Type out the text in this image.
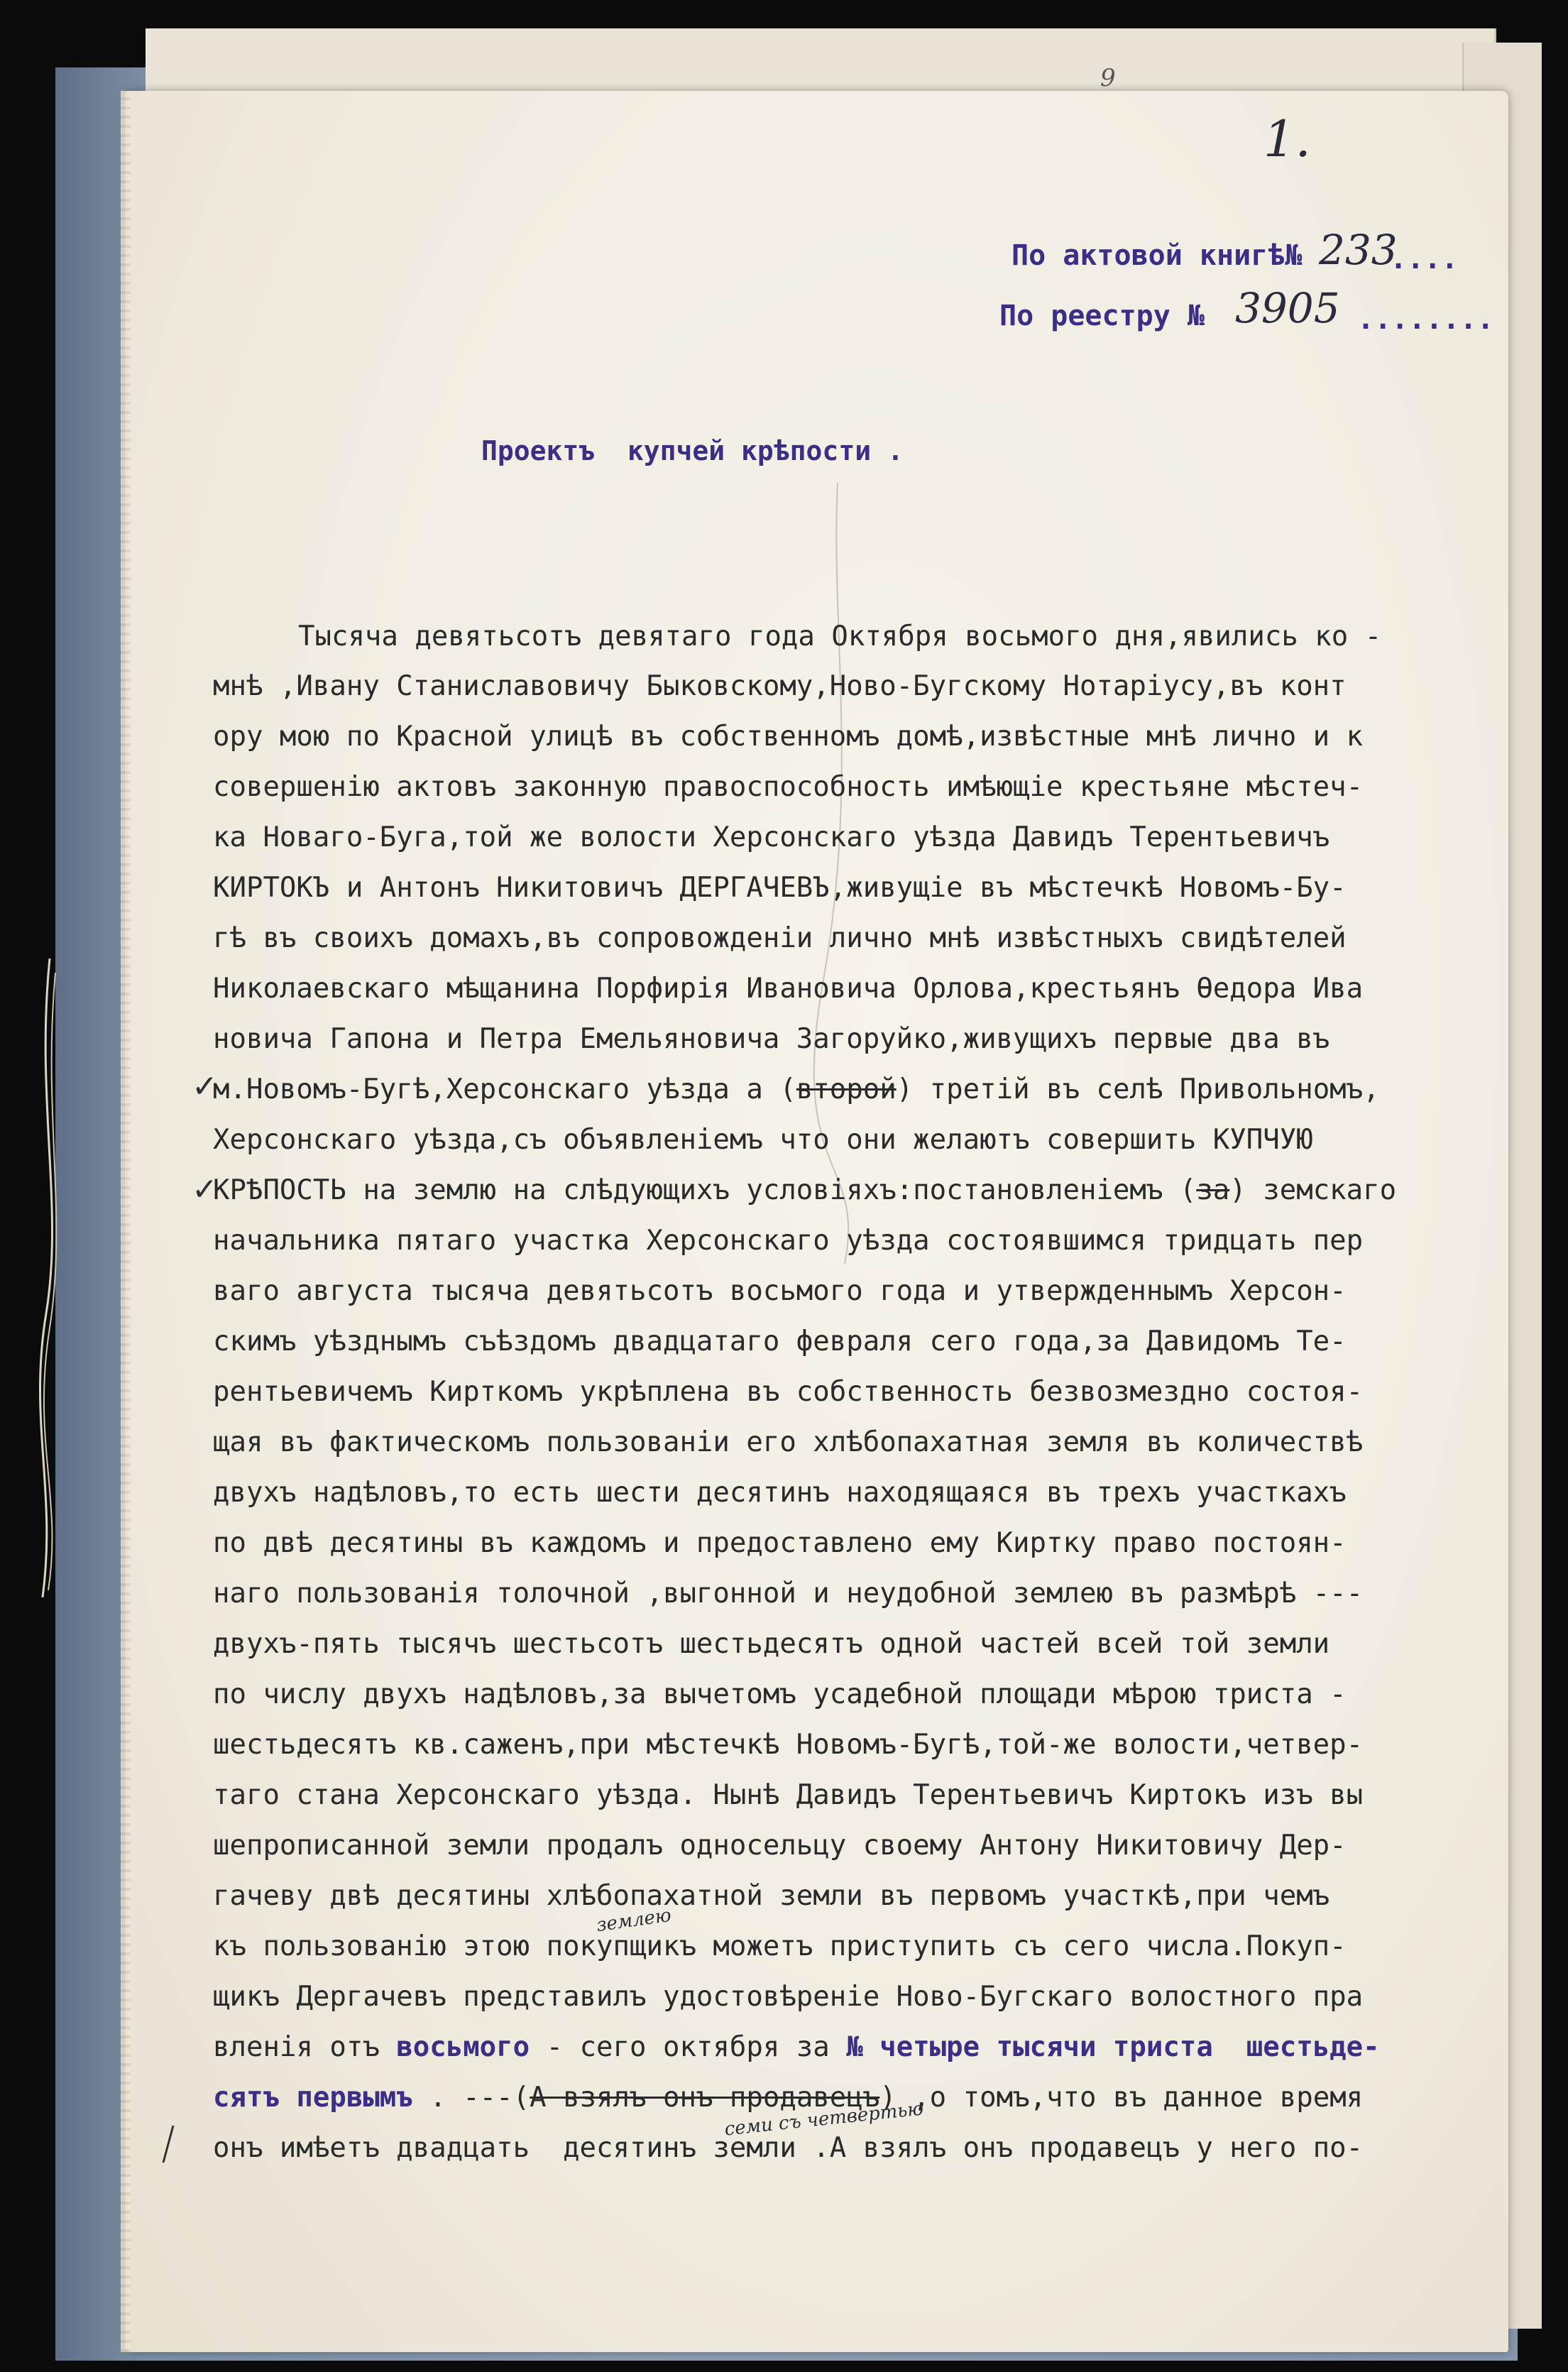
9
1.
По актовой книгѣ№ 233
....
По реестру № 3905 ........
Проектъ  купчей крѣпости .
Тысяча девятьсотъ девятаго года Октября восьмого дня,явились ко -
мнѣ ,Ивану Станиславовичу Быковскому,Ново-Бугскому Нотаріусу,въ конт
ору мою по Красной улицѣ въ собственномъ домѣ,извѣстные мнѣ лично и к
совершенію актовъ законную правоспособность имѣющіе крестьяне мѣстеч-
ка Новаго-Буга,той же волости Херсонскаго уѣзда Давидъ Терентьевичъ
КИРТОКЪ и Антонъ Никитовичъ ДЕРГАЧЕВЪ,живущіе въ мѣстечкѣ Новомъ-Бу-
гѣ въ своихъ домахъ,въ сопровожденіи лично мнѣ извѣстныхъ свидѣтелей
Николаевскаго мѣщанина Порфирія Ивановича Орлова,крестьянъ Ѳедора Ива
новича Гапона и Петра Емельяновича Загоруйко,живущихъ первые два въ
м.Новомъ-Бугѣ,Херсонскаго уѣзда а (второй) третій въ селѣ Привольномъ,
Херсонскаго уѣзда,съ объявленіемъ что они желаютъ совершить КУПЧУЮ
КРѢПОСТЬ на землю на слѣдующихъ условіяхъ:постановленіемъ (за) земскаго
начальника пятаго участка Херсонскаго уѣзда состоявшимся тридцать пер
ваго августа тысяча девятьсотъ восьмого года и утвержденнымъ Херсон-
скимъ уѣзднымъ съѣздомъ двадцатаго февраля сего года,за Давидомъ Те-
рентьевичемъ Кирткомъ укрѣплена въ собственность безвозмездно состоя-
щая въ фактическомъ пользованіи его хлѣбопахатная земля въ количествѣ
двухъ надѣловъ,то есть шести десятинъ находящаяся въ трехъ участкахъ
по двѣ десятины въ каждомъ и предоставлено ему Киртку право постоян-
наго пользованія толочной ,выгонной и неудобной землею въ размѣрѣ ---
двухъ-пять тысячъ шестьсотъ шестьдесятъ одной частей всей той земли
по числу двухъ надѣловъ,за вычетомъ усадебной площади мѣрою триста -
шестьдесятъ кв.саженъ,при мѣстечкѣ Новомъ-Бугѣ,той-же волости,четвер-
таго стана Херсонскаго уѣзда. Нынѣ Давидъ Терентьевичъ Киртокъ изъ вы
шепрописанной земли продалъ односельцу своему Антону Никитовичу Дер-
гачеву двѣ десятины хлѣбопахатной земли въ первомъ участкѣ,при чемъ
къ пользованію этою покупщикъ можетъ приступить съ сего числа.Покуп-
щикъ Дергачевъ представилъ удостовѣреніе Ново-Бугскаго волостного пра
вленія отъ восьмого - сего октября за № четыре тысячи триста  шестьде-
сятъ первымъ . ---(А взялъ онъ продавецъ) ,о томъ,что въ данное время
онъ имѣетъ двадцать  десятинъ земли .А взялъ онъ продавецъ у него по-
землею
семи съ четвертью
✓
✓
